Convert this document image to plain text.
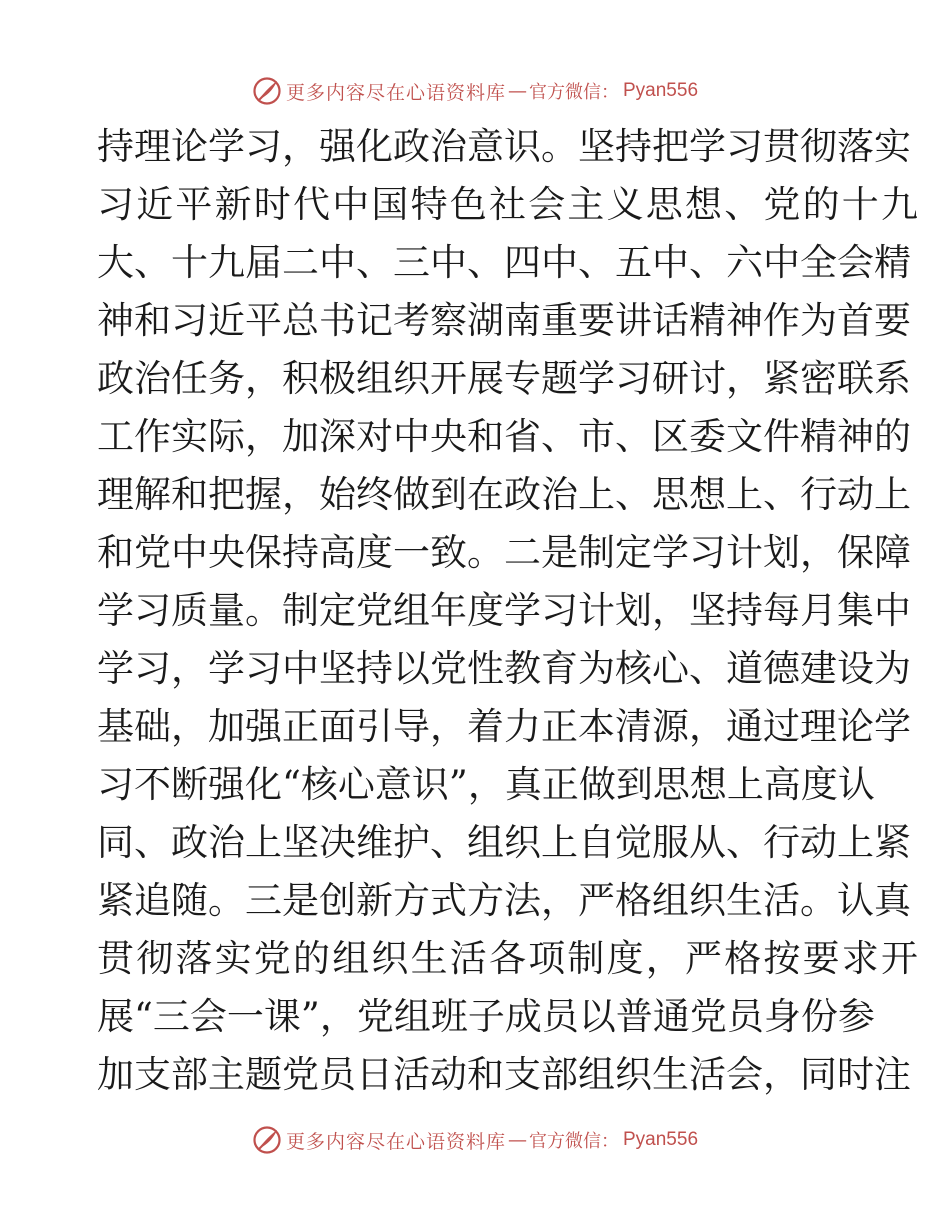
更多内容尽在心语资料库 — 官方微信： Pyan556
持理论学习，强化政治意识。坚持把学习贯彻落实
习近平新时代中国特色社会主义思想、党的十九
大、十九届二中、三中、四中、五中、六中全会精
神和习近平总书记考察湖南重要讲话精神作为首要
政治任务，积极组织开展专题学习研讨，紧密联系
工作实际，加深对中央和省、市、区委文件精神的
理解和把握，始终做到在政治上、思想上、行动上
和党中央保持高度一致。二是制定学习计划，保障
学习质量。制定党组年度学习计划，坚持每月集中
学习，学习中坚持以党性教育为核心、道德建设为
基础，加强正面引导，着力正本清源，通过理论学
习不断强化“核心意识”，真正做到思想上高度认
同、政治上坚决维护、组织上自觉服从、行动上紧
紧追随。三是创新方式方法，严格组织生活。认真
贯彻落实党的组织生活各项制度，严格按要求开
展“三会一课”，党组班子成员以普通党员身份参
加支部主题党员日活动和支部组织生活会，同时注
更多内容尽在心语资料库 — 官方微信： Pyan556
